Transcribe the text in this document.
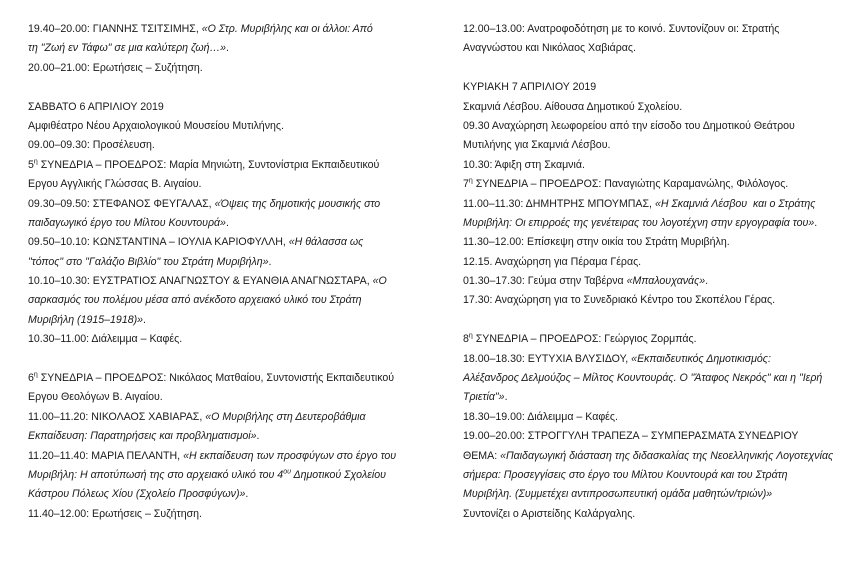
19.40–20.00: ΓΙΑΝΝΗΣ ΤΣΙΤΣΙΜΗΣ, «Ο Στρ. Μυριβήλης και οι άλλοι: Από
τη "Ζωή εν Τάφω" σε μια καλύτερη ζωή…».
20.00–21.00: Ερωτήσεις – Συζήτηση.
ΣΑΒΒΑΤΟ 6 ΑΠΡΙΛΙΟΥ 2019
Αμφιθέατρο Νέου Αρχαιολογικού Μουσείου Μυτιλήνης.
09.00–09.30: Προσέλευση.
$5^\eta$ ΣΥΝΕΔΡΙΑ – ΠΡΟΕΔΡΟΣ: Μαρία Μηνιώτη, Συντονίστρια Εκπαιδευτικού
Εργου Αγγλικής Γλώσσας Β. Αιγαίου.
09.30–09.50: ΣΤΕΦΑΝΟΣ ΦΕΥΓΑΛΑΣ, «Όψεις της δημοτικής μουσικής στο
παιδαγωγικό έργο του Μίλτου Κουντουρά».
09.50–10.10: ΚΩΝΣΤΑΝΤΙΝΑ – ΙΟΥΛΙΑ ΚΑΡΙΟΦΥΛΛΗ, «Η θάλασσα ως
"τόπος" στο "Γαλάζιο Βιβλίο" του Στράτη Μυριβήλη».
10.10–10.30: ΕΥΣΤΡΑΤΙΟΣ ΑΝΑΓΝΩΣΤΟΥ & ΕΥΑΝΘΙΑ ΑΝΑΓΝΩΣΤΑΡΑ, «Ο
σαρκασμός του πολέμου μέσα από ανέκδοτο αρχειακό υλικό του Στράτη
Μυριβήλη (1915–1918)».
10.30–11.00: Διάλειμμα – Καφές.
$6^\eta$ ΣΥΝΕΔΡΙΑ – ΠΡΟΕΔΡΟΣ: Νικόλαος Ματθαίου, Συντονιστής Εκπαιδευτικού
Εργου Θεολόγων Β. Αιγαίου.
11.00–11.20: ΝΙΚΟΛΑΟΣ ΧΑΒΙΑΡΑΣ, «Ο Μυριβήλης στη Δευτεροβάθμια
Εκπαίδευση: Παρατηρήσεις και προβληματισμοί».
11.20–11.40: ΜΑΡΙΑ ΠΕΛΑΝΤΗ, «Η εκπαίδευση των προσφύγων στο έργο του
Μυριβήλη: Η αποτύπωσή της στο αρχειακό υλικό του $4^{o\upsilon}$ Δημοτικού Σχολείου
Κάστρου Πόλεως Χίου (Σχολείο Προσφύγων)».
11.40–12.00: Ερωτήσεις – Συζήτηση.
12.00–13.00: Ανατροφοδότηση με το κοινό. Συντονίζουν οι: Στρατής
Αναγνώστου και Νικόλαος Χαβιάρας.
ΚΥΡΙΑΚΗ 7 ΑΠΡΙΛΙΟΥ 2019
Σκαμνιά Λέσβου. Αίθουσα Δημοτικού Σχολείου.
09.30 Αναχώρηση λεωφορείου από την είσοδο του Δημοτικού Θεάτρου
Μυτιλήνης για Σκαμνιά Λέσβου.
10.30: Άφιξη στη Σκαμνιά.
$7^\eta$ ΣΥΝΕΔΡΙΑ – ΠΡΟΕΔΡΟΣ: Παναγιώτης Καραμανώλης, Φιλόλογος.
11.00–11.30: ΔΗΜΗΤΡΗΣ ΜΠΟΥΜΠΑΣ, «Η Σκαμνιά Λέσβου  και ο Στράτης
Μυριβήλη: Οι επιρροές της γενέτειρας του λογοτέχνη στην εργογραφία του».
11.30–12.00: Επίσκεψη στην οικία του Στράτη Μυριβήλη.
12.15. Αναχώρηση για Πέραμα Γέρας.
01.30–17.30: Γεύμα στην Ταβέρνα «Μπαλουχανάς».
17.30: Αναχώρηση για το Συνεδριακό Κέντρο του Σκοπέλου Γέρας.
$8^\eta$ ΣΥΝΕΔΡΙΑ – ΠΡΟΕΔΡΟΣ: Γεώργιος Ζορμπάς.
18.00–18.30: ΕΥΤΥΧΙΑ ΒΛΥΣΙΔΟΥ, «Εκπαιδευτικός Δημοτικισμός:
Αλέξανδρος Δελμούζος – Μίλτος Κουντουράς. Ο "Άταφος Νεκρός" και η "Ιερή
Τριετία"».
18.30–19.00: Διάλειμμα – Καφές.
19.00–20.00: ΣΤΡΟΓΓΥΛΗ ΤΡΑΠΕΖΑ – ΣΥΜΠΕΡΑΣΜΑΤΑ ΣΥΝΕΔΡΙΟΥ
ΘΕΜΑ: «Παιδαγωγική διάσταση της διδασκαλίας της Νεοελληνικής Λογοτεχνίας
σήμερα: Προσεγγίσεις στο έργο του Μίλτου Κουντουρά και του Στράτη
Μυριβήλη. (Συμμετέχει αντιπροσωπευτική ομάδα μαθητών/τριών)»
Συντονίζει ο Αριστείδης Καλάργαλης.
